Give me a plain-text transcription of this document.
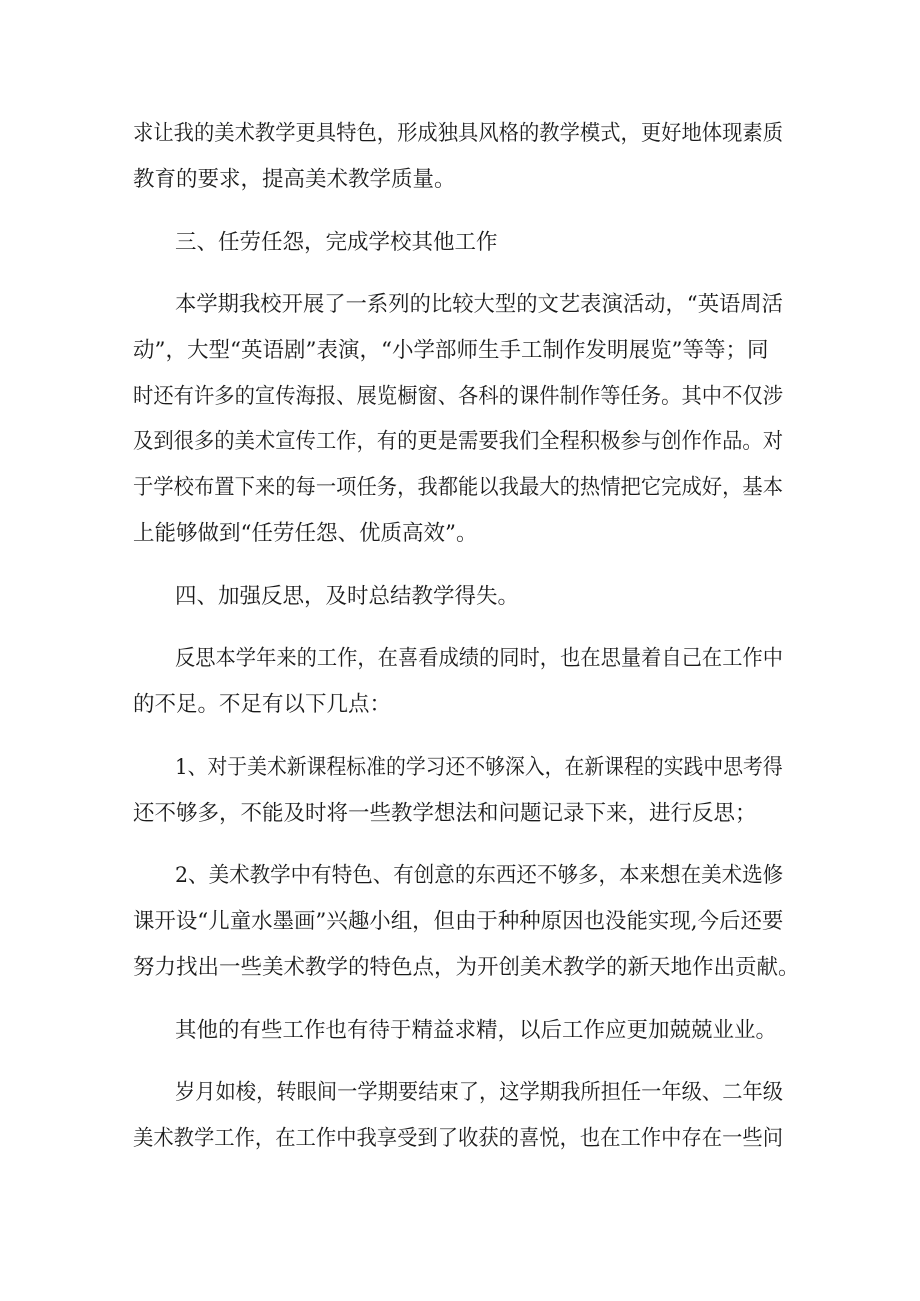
求让我的美术教学更具特色，形成独具风格的教学模式，更好地体现素质
教育的要求，提高美术教学质量。
三、任劳任怨，完成学校其他工作
本学期我校开展了一系列的比较大型的文艺表演活动，“英语周活
动”，大型“英语剧”表演，“小学部师生手工制作发明展览”等等；同
时还有许多的宣传海报、展览橱窗、各科的课件制作等任务。其中不仅涉
及到很多的美术宣传工作，有的更是需要我们全程积极参与创作作品。对
于学校布置下来的每一项任务，我都能以我最大的热情把它完成好，基本
上能够做到“任劳任怨、优质高效”。
四、加强反思，及时总结教学得失。
反思本学年来的工作，在喜看成绩的同时，也在思量着自己在工作中
的不足。不足有以下几点：
1、对于美术新课程标准的学习还不够深入，在新课程的实践中思考得
还不够多，不能及时将一些教学想法和问题记录下来，进行反思；
2、美术教学中有特色、有创意的东西还不够多，本来想在美术选修
课开设“儿童水墨画”兴趣小组，但由于种种原因也没能实现,今后还要
努力找出一些美术教学的特色点，为开创美术教学的新天地作出贡献。
其他的有些工作也有待于精益求精，以后工作应更加兢兢业业。
岁月如梭，转眼间一学期要结束了，这学期我所担任一年级、二年级
美术教学工作，在工作中我享受到了收获的喜悦，也在工作中存在一些问
